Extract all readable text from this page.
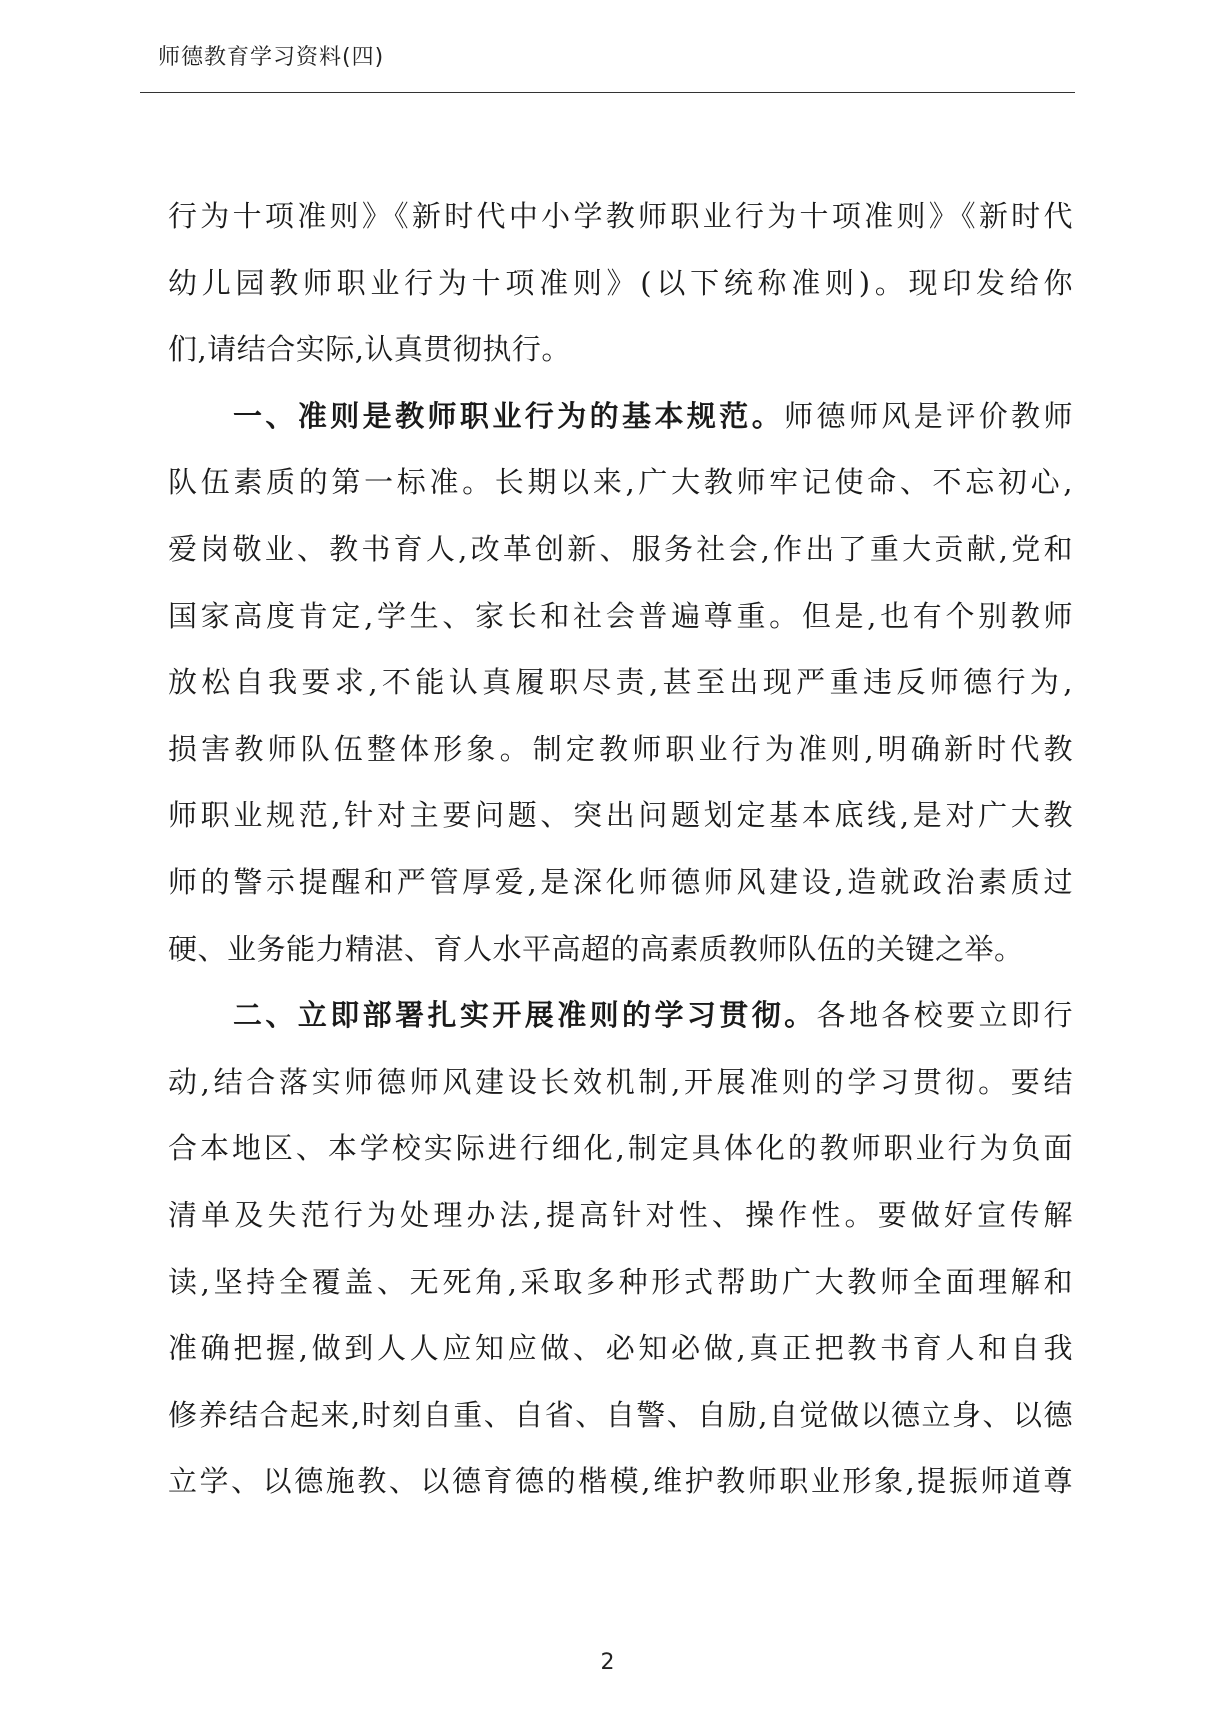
师德教育学习资料(四)
行为十项准则》《新时代中小学教师职业行为十项准则》《新时代
幼儿园教师职业行为十项准则》(以下统称准则)。现印发给你
们,请结合实际,认真贯彻执行。
一、准则是教师职业行为的基本规范。师德师风是评价教师
队伍素质的第一标准。长期以来,广大教师牢记使命、不忘初心,
爱岗敬业、教书育人,改革创新、服务社会,作出了重大贡献,党和
国家高度肯定,学生、家长和社会普遍尊重。但是,也有个别教师
放松自我要求,不能认真履职尽责,甚至出现严重违反师德行为,
损害教师队伍整体形象。制定教师职业行为准则,明确新时代教
师职业规范,针对主要问题、突出问题划定基本底线,是对广大教
师的警示提醒和严管厚爱,是深化师德师风建设,造就政治素质过
硬、业务能力精湛、育人水平高超的高素质教师队伍的关键之举。
二、立即部署扎实开展准则的学习贯彻。各地各校要立即行
动,结合落实师德师风建设长效机制,开展准则的学习贯彻。要结
合本地区、本学校实际进行细化,制定具体化的教师职业行为负面
清单及失范行为处理办法,提高针对性、操作性。要做好宣传解
读,坚持全覆盖、无死角,采取多种形式帮助广大教师全面理解和
准确把握,做到人人应知应做、必知必做,真正把教书育人和自我
修养结合起来,时刻自重、自省、自警、自励,自觉做以德立身、以德
立学、以德施教、以德育德的楷模,维护教师职业形象,提振师道尊
2
